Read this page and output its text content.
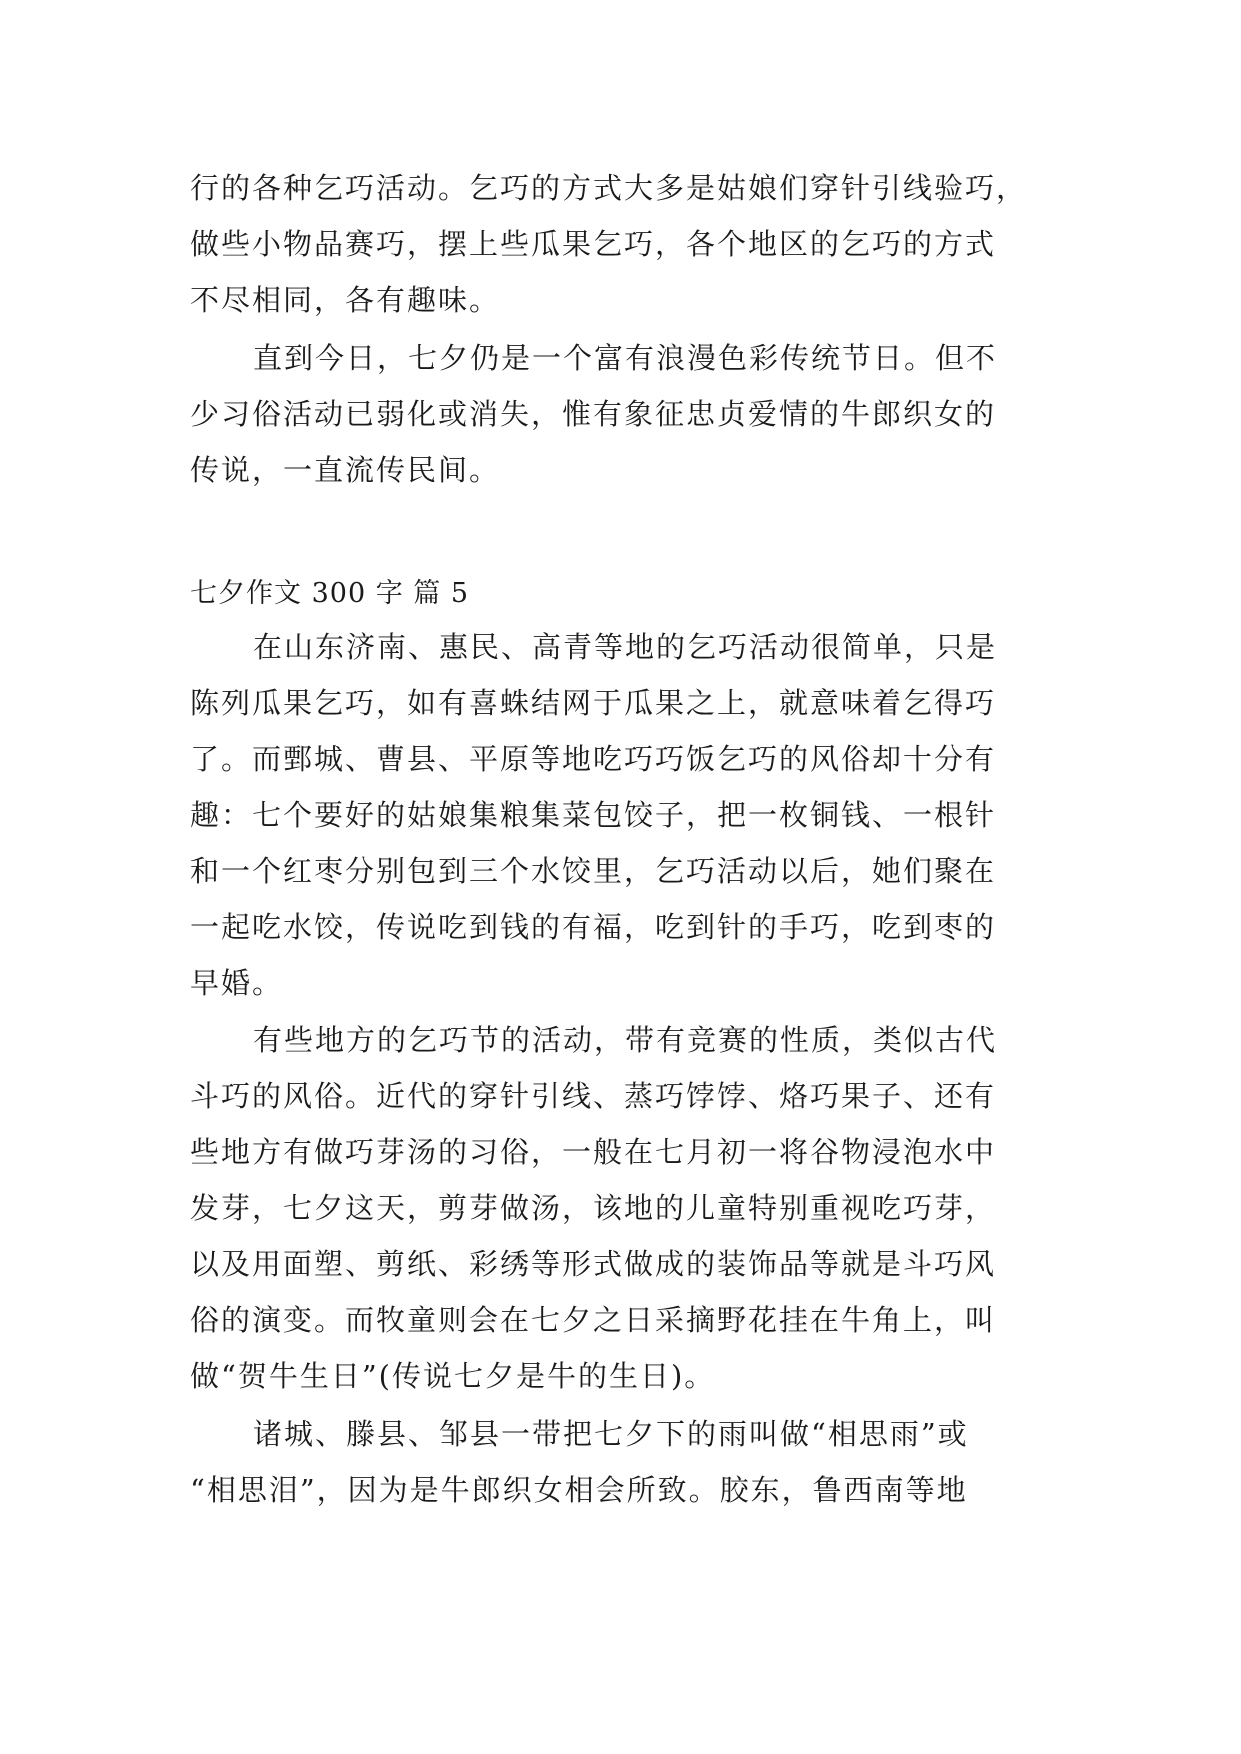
行的各种乞巧活动。乞巧的方式大多是姑娘们穿针引线验巧，
做些小物品赛巧，摆上些瓜果乞巧，各个地区的乞巧的方式
不尽相同，各有趣味。
直到今日，七夕仍是一个富有浪漫色彩传统节日。但不
少习俗活动已弱化或消失，惟有象征忠贞爱情的牛郎织女的
传说，一直流传民间。
七夕作文 300 字 篇 5
在山东济南、惠民、高青等地的乞巧活动很简单，只是
陈列瓜果乞巧，如有喜蛛结网于瓜果之上，就意味着乞得巧
了。而鄄城、曹县、平原等地吃巧巧饭乞巧的风俗却十分有
趣：七个要好的姑娘集粮集菜包饺子，把一枚铜钱、一根针
和一个红枣分别包到三个水饺里，乞巧活动以后，她们聚在
一起吃水饺，传说吃到钱的有福，吃到针的手巧，吃到枣的
早婚。
有些地方的乞巧节的活动，带有竞赛的性质，类似古代
斗巧的风俗。近代的穿针引线、蒸巧饽饽、烙巧果子、还有
些地方有做巧芽汤的习俗，一般在七月初一将谷物浸泡水中
发芽，七夕这天，剪芽做汤，该地的儿童特别重视吃巧芽，
以及用面塑、剪纸、彩绣等形式做成的装饰品等就是斗巧风
俗的演变。而牧童则会在七夕之日采摘野花挂在牛角上，叫
做“贺牛生日”(传说七夕是牛的生日)。
诸城、滕县、邹县一带把七夕下的雨叫做“相思雨”或
“相思泪”，因为是牛郎织女相会所致。胶东，鲁西南等地
